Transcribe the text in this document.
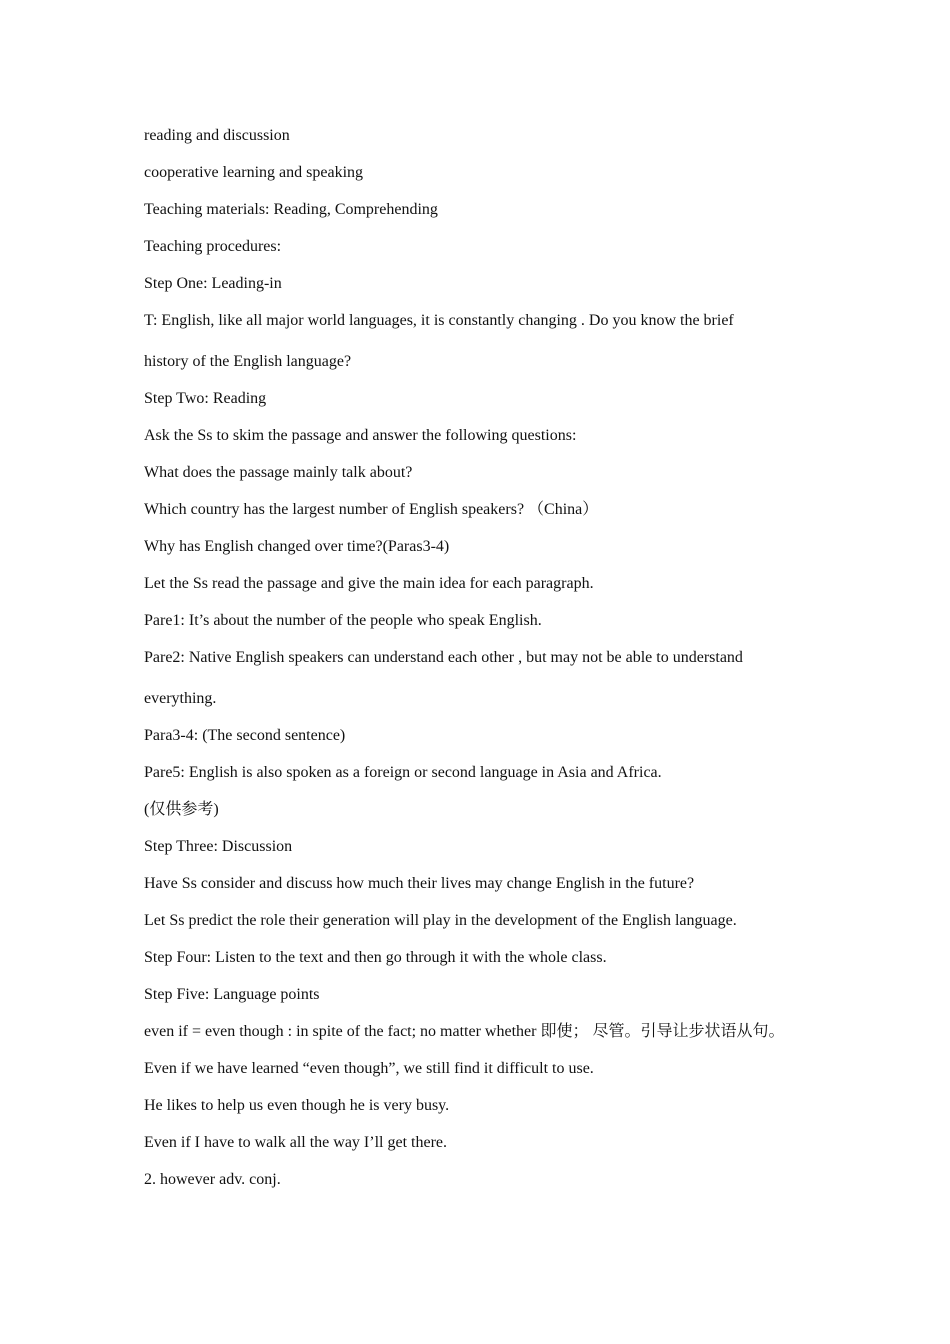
reading and discussion
cooperative learning and speaking
Teaching materials: Reading, Comprehending
Teaching procedures:
Step One: Leading-in
T: English, like all major world languages, it is constantly changing . Do you know the brief
history of the English language?
Step Two: Reading
Ask the Ss to skim the passage and answer the following questions:
What does the passage mainly talk about?
Which country has the largest number of English speakers? （China）
Why has English changed over time?(Paras3-4)
Let the Ss read the passage and give the main idea for each paragraph.
Pare1: It’s about the number of the people who speak English.
Pare2: Native English speakers can understand each other , but may not be able to understand
everything.
Para3-4: (The second sentence)
Pare5: English is also spoken as a foreign or second language in Asia and Africa.
(仅供参考)
Step Three: Discussion
Have Ss consider and discuss how much their lives may change English in the future?
Let Ss predict the role their generation will play in the development of the English language.
Step Four: Listen to the text and then go through it with the whole class.
Step Five: Language points
even if = even though : in spite of the fact; no matter whether 即使； 尽管。引导让步状语从句。
Even if we have learned “even though”, we still find it difficult to use.
He likes to help us even though he is very busy.
Even if I have to walk all the way I’ll get there.
2. however adv. conj.
